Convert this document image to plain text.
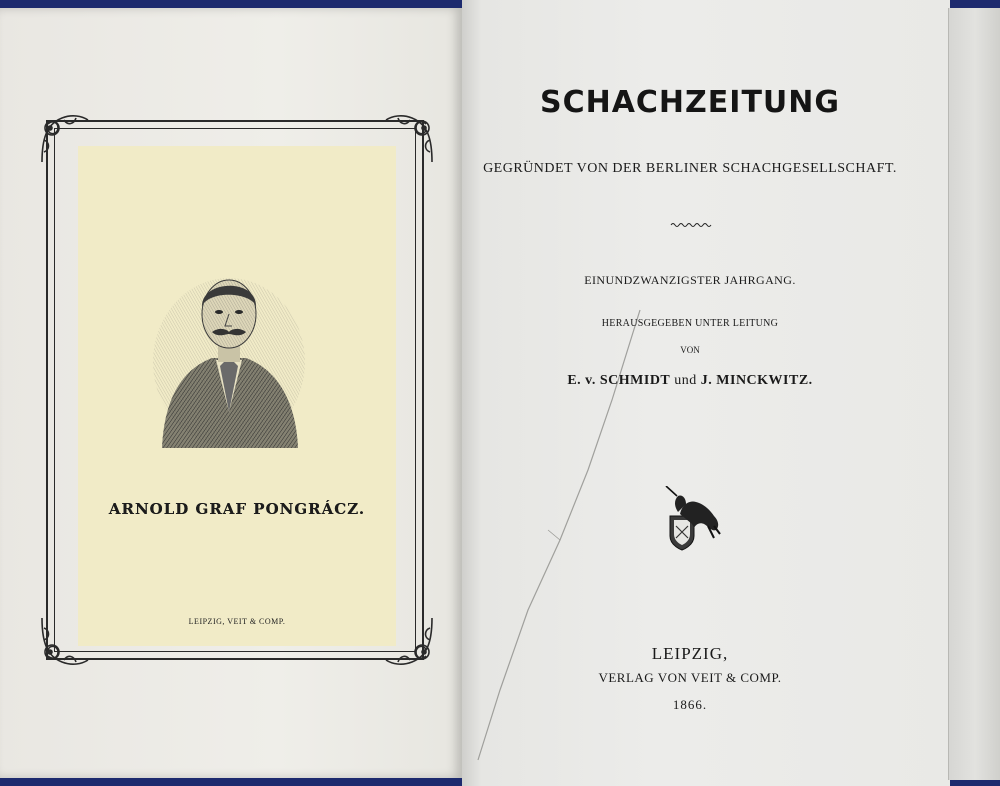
ARNOLD GRAF PONGRÁCZ.
LEIPZIG, VEIT & COMP.
SCHACHZEITUNG
GEGRÜNDET VON DER BERLINER SCHACHGESELLSCHAFT.
EINUNDZWANZIGSTER JAHRGANG.
HERAUSGEGEBEN UNTER LEITUNG
VON
E. v. SCHMIDT und J. MINCKWITZ.
LEIPZIG,
VERLAG VON VEIT & COMP.
1866.
